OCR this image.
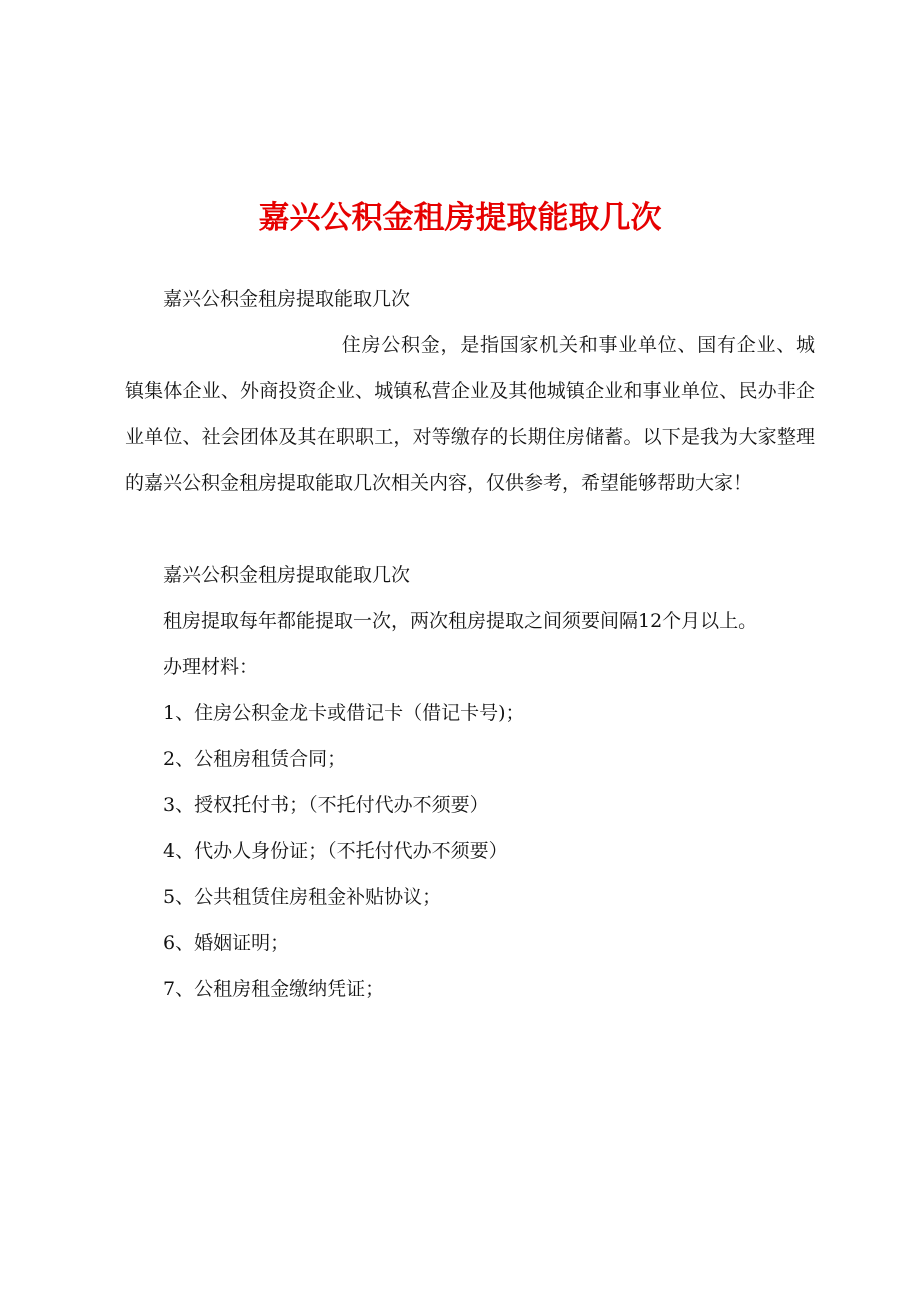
嘉兴公积金租房提取能取几次

嘉兴公积金租房提取能取几次

住房公积金，是指国家机关和事业单位、国有企业、城镇集体企业、外商投资企业、城镇私营企业及其他城镇企业和事业单位、民办非企业单位、社会团体及其在职职工，对等缴存的长期住房储蓄。以下是我为大家整理的嘉兴公积金租房提取能取几次相关内容，仅供参考，希望能够帮助大家！

嘉兴公积金租房提取能取几次

租房提取每年都能提取一次，两次租房提取之间须要间隔12个月以上。

办理材料：

1、住房公积金龙卡或借记卡（借记卡号)；

2、公租房租赁合同；

3、授权托付书；（不托付代办不须要）

4、代办人身份证；（不托付代办不须要）

5、公共租赁住房租金补贴协议；

6、婚姻证明；

7、公租房租金缴纳凭证；
